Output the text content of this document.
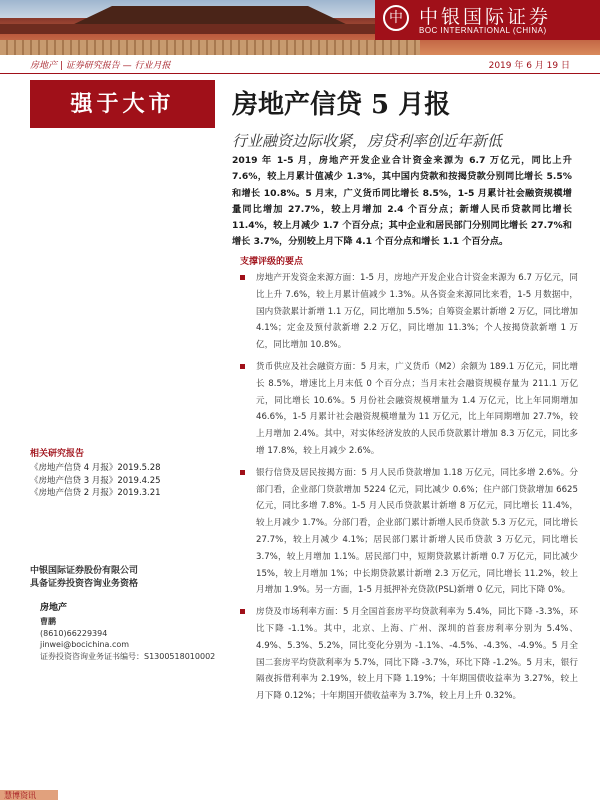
中 中银国际证券
BOC INTERNATIONAL (CHINA)
房地产 | 证券研究报告 — 行业月报	2019 年 6 月 19 日
强于大市	房地产信贷 5 月报
行业融资边际收紧，房贷利率创近年新低
2019 年 1-5 月，房地产开发企业合计资金来源为 6.7 万亿元，同比上升 7.6%，较上月累计值减少 1.3%，其中国内贷款和按揭贷款分别同比增长 5.5%和增长 10.8%。5 月末，广义货币同比增长 8.5%，1-5 月累计社会融资规模增量同比增加 27.7%，较上月增加 2.4 个百分点；新增人民币贷款同比增长 11.4%，较上月减少 1.7 个百分点；其中企业和居民部门分别同比增长 27.7%和增长 3.7%，分别较上月下降 4.1 个百分点和增长 1.1 个百分点。
支撑评级的要点
房地产开发资金来源方面：1-5 月，房地产开发企业合计资金来源为 6.7 万亿元，同比上升 7.6%，较上月累计值减少 1.3%。从各资金来源同比来看，1-5 月数据中，国内贷款累计新增 1.1 万亿，同比增加 5.5%；自筹资金累计新增 2 万亿，同比增加 4.1%；定金及预付款新增 2.2 万亿，同比增加 11.3%；个人按揭贷款新增 1 万亿，同比增加 10.8%。
货币供应及社会融资方面：5 月末，广义货币（M2）余额为 189.1 万亿元，同比增长 8.5%，增速比上月末低 0 个百分点；当月末社会融资规模存量为 211.1 万亿元，同比增长 10.6%。5 月份社会融资规模增量为 1.4 万亿元，比上年同期增加 46.6%，1-5 月累计社会融资规模增量为 11 万亿元，比上年同期增加 27.7%，较上月增加 2.4%。其中，对实体经济发放的人民币贷款累计增加 8.3 万亿元，同比多增 17.8%，较上月减少 2.6%。
银行信贷及居民按揭方面：5 月人民币贷款增加 1.18 万亿元，同比多增 2.6%。分部门看，企业部门贷款增加 5224 亿元，同比减少 0.6%；住户部门贷款增加 6625 亿元，同比多增 7.8%。1-5 月人民币贷款累计新增 8 万亿元，同比增长 11.4%，较上月减少 1.7%。分部门看，企业部门累计新增人民币贷款 5.3 万亿元，同比增长 27.7%，较上月减少 4.1%；居民部门累计新增人民币贷款 3 万亿元，同比增长 3.7%，较上月增加 1.1%。居民部门中，短期贷款累计新增 0.7 万亿元，同比减少 15%，较上月增加 1%；中长期贷款累计新增 2.3 万亿元，同比增长 11.2%，较上月增加 1.9%。另一方面，1-5 月抵押补充贷款(PSL)新增 0 亿元，同比下降 0%。
房贷及市场利率方面：5 月全国首套房平均贷款利率为 5.4%，同比下降 -3.3%，环比下降 -1.1%。其中，北京、上海、广州、深圳的首套房利率分别为 5.4%、4.9%、5.3%、5.2%，同比变化分别为 -1.1%、-4.5%、-4.3%、-4.9%。5 月全国二套房平均贷款利率为 5.7%，同比下降 -3.7%，环比下降 -1.2%。5 月末，银行隔夜拆借利率为 2.19%，较上月下降 1.19%；十年期国债收益率为 3.27%，较上月下降 0.12%；十年期国开债收益率为 3.7%，较上月上升 0.32%。
相关研究报告
《房地产信贷 4 月报》2019.5.28
《房地产信贷 3 月报》2019.4.25
《房地产信贷 2 月报》2019.3.21
中银国际证券股份有限公司
具备证券投资咨询业务资格
房地产
曹鹏
(8610)66229394
jinwei@bocichina.com
证券投资咨询业务证书编号：S1300518010002
慧博资讯
